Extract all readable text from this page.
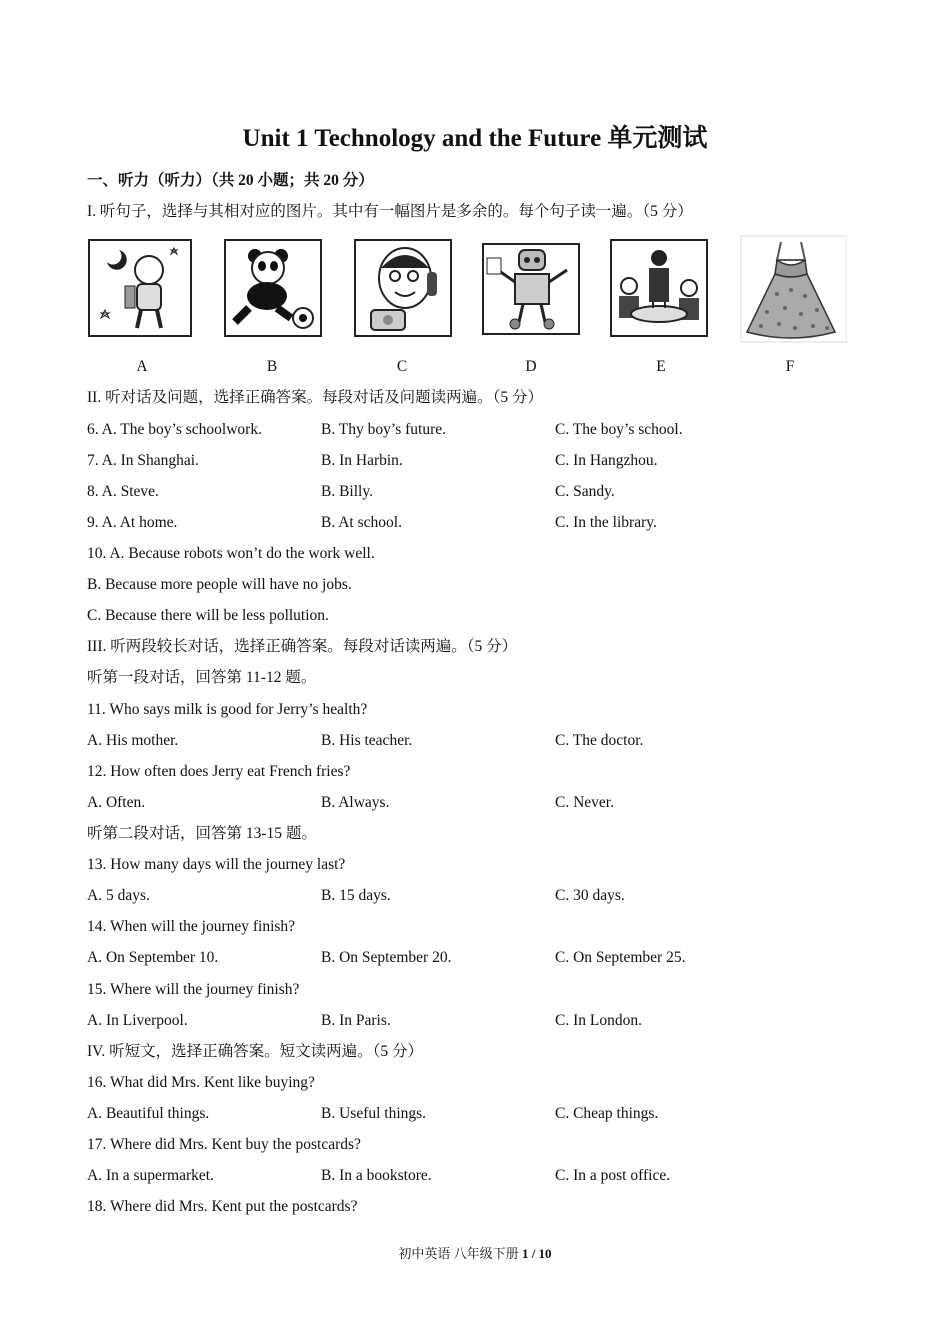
Unit 1 Technology and the Future 单元测试
一、听力（听力）（共 20 小题；共 20 分）
I. 听句子，选择与其相对应的图片。其中有一幅图片是多余的。每个句子读一遍。（5 分）
A	B	C	D	E	F
II. 听对话及问题，选择正确答案。每段对话及问题读两遍。（5 分）
6. A. The boy’s schoolwork.	B. Thy boy’s future.	C. The boy’s school.
7. A. In Shanghai.	B. In Harbin.	C. In Hangzhou.
8. A. Steve.	B. Billy.	C. Sandy.
9. A. At home.	B. At school.	C. In the library.
10. A. Because robots won’t do the work well.
B. Because more people will have no jobs.
C. Because there will be less pollution.
III. 听两段较长对话，选择正确答案。每段对话读两遍。（5 分）
听第一段对话，回答第 11-12 题。
11. Who says milk is good for Jerry’s health?
A. His mother.	B. His teacher.	C. The doctor.
12. How often does Jerry eat French fries?
A. Often.	B. Always.	C. Never.
听第二段对话，回答第 13-15 题。
13. How many days will the journey last?
A. 5 days.	B. 15 days.	C. 30 days.
14. When will the journey finish?
A. On September 10.	B. On September 20.	C. On September 25.
15. Where will the journey finish?
A. In Liverpool.	B. In Paris.	C. In London.
IV. 听短文，选择正确答案。短文读两遍。（5 分）
16. What did Mrs. Kent like buying?
A. Beautiful things.	B. Useful things.	C. Cheap things.
17. Where did Mrs. Kent buy the postcards?
A. In a supermarket.	B. In a bookstore.	C. In a post office.
18. Where did Mrs. Kent put the postcards?
初中英语 八年级下册 1 / 10
